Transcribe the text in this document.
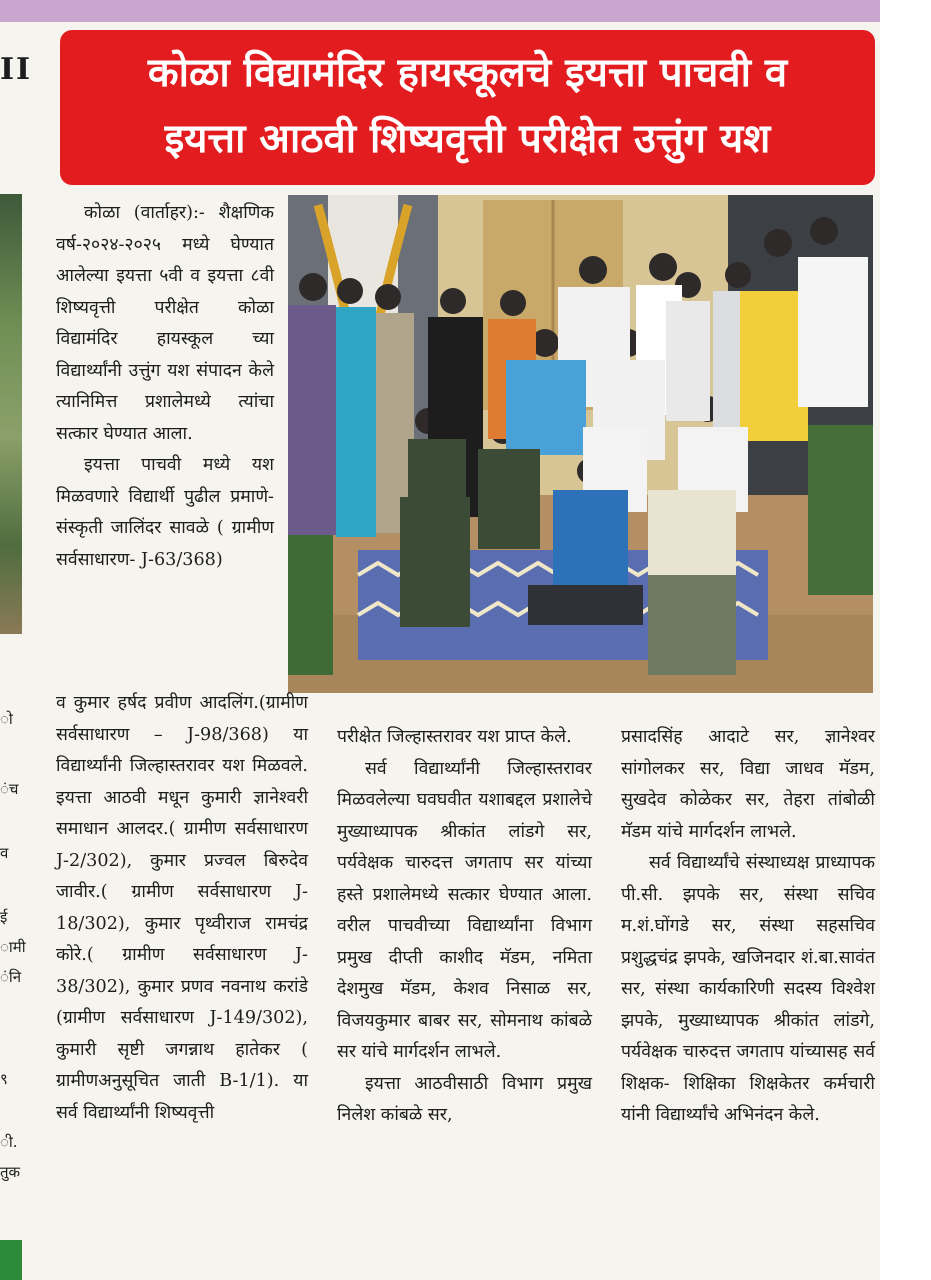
II
ो
ंच
व
ई
ामी
ंनि
९
ी.
तुक
कोळा विद्यामंदिर हायस्कूलचे इयत्ता पाचवी व
इयत्ता आठवी शिष्यवृत्ती परीक्षेत उत्तुंग यश

कोळा (वार्ताहर):- शैक्षणिक वर्ष-२०२४-२०२५ मध्ये घेण्यात आलेल्या इयत्ता ५वी व इयत्ता ८वी शिष्यवृत्ती परीक्षेत कोळा विद्यामंदिर हायस्कूल च्या विद्यार्थ्यांनी उत्तुंग यश संपादन केले त्यानिमित्त प्रशालेमध्ये त्यांचा सत्कार घेण्यात आला.

इयत्ता पाचवी मध्ये यश मिळवणारे विद्यार्थी पुढील प्रमाणे- संस्कृती जालिंदर सावळे ( ग्रामीण सर्वसाधारण- J-63/368)

व कुमार हर्षद प्रवीण आदलिंग.(ग्रामीण सर्वसाधारण – J-98/368) या विद्यार्थ्यांनी जिल्हास्तरावर यश मिळवले. इयत्ता आठवी मधून कुमारी ज्ञानेश्वरी समाधान आलदर.( ग्रामीण सर्वसाधारण J-2/302), कुमार प्रज्वल बिरुदेव जावीर.( ग्रामीण सर्वसाधारण J-18/302), कुमार पृथ्वीराज रामचंद्र कोरे.( ग्रामीण सर्वसाधारण J-38/302), कुमार प्रणव नवनाथ करांडे (ग्रामीण सर्वसाधारण J-149/302), कुमारी सृष्टी जगन्नाथ हातेकर ( ग्रामीणअनुसूचित जाती B-1/1). या सर्व विद्यार्थ्यांनी शिष्यवृत्ती

परीक्षेत जिल्हास्तरावर यश प्राप्त केले.

सर्व विद्यार्थ्यांनी जिल्हास्तरावर मिळवलेल्या घवघवीत यशाबद्दल प्रशालेचे मुख्याध्यापक श्रीकांत लांडगे सर, पर्यवेक्षक चारुदत्त जगताप सर यांच्या हस्ते प्रशालेमध्ये सत्कार घेण्यात आला. वरील पाचवीच्या विद्यार्थ्यांना विभाग प्रमुख दीप्ती काशीद मॅडम, नमिता देशमुख मॅडम, केशव निसाळ सर, विजयकुमार बाबर सर, सोमनाथ कांबळे सर यांचे मार्गदर्शन लाभले.

इयत्ता आठवीसाठी विभाग प्रमुख निलेश कांबळे सर,

प्रसादसिंह आदाटे सर, ज्ञानेश्वर सांगोलकर सर, विद्या जाधव मॅडम, सुखदेव कोळेकर सर, तेहरा तांबोळी मॅडम यांचे मार्गदर्शन लाभले.

सर्व विद्यार्थ्यांचे संस्थाध्यक्ष प्राध्यापक पी.सी. झपके सर, संस्था सचिव म.शं.घोंगडे सर, संस्था सहसचिव प्रशुद्धचंद्र झपके, खजिनदार शं.बा.सावंत सर, संस्था कार्यकारिणी सदस्य विश्वेश झपके, मुख्याध्यापक श्रीकांत लांडगे, पर्यवेक्षक चारुदत्त जगताप यांच्यासह सर्व शिक्षक- शिक्षिका शिक्षकेतर कर्मचारी यांनी विद्यार्थ्यांचे अभिनंदन केले.
